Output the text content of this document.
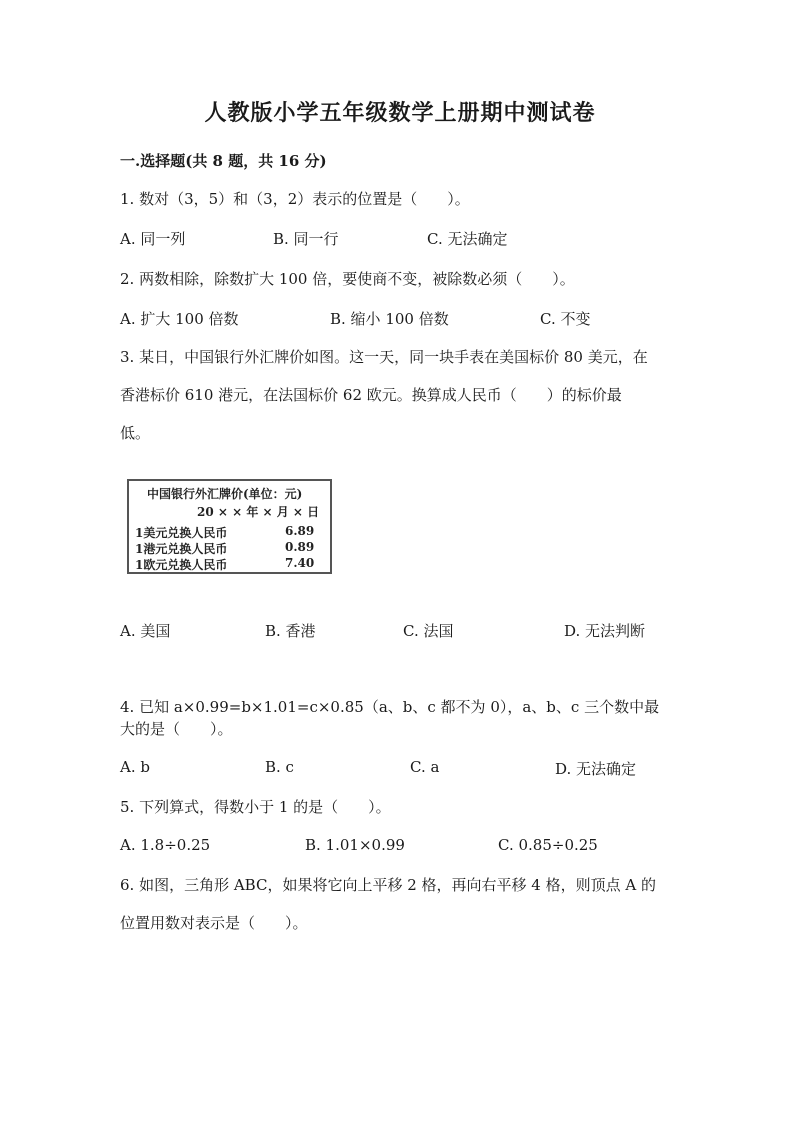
人教版小学五年级数学上册期中测试卷
一.选择题(共 8 题，共 16 分)
1. 数对（3，5）和（3，2）表示的位置是（　　）。
A. 同一列	B. 同一行	C. 无法确定
2. 两数相除，除数扩大 100 倍，要使商不变，被除数必须（　　）。
A. 扩大 100 倍数	B. 缩小 100 倍数	C. 不变
3. 某日，中国银行外汇牌价如图。这一天，同一块手表在美国标价 80 美元，在
香港标价 610 港元，在法国标价 62 欧元。换算成人民币（　　）的标价最
低。
中国银行外汇牌价(单位：元)
20 × × 年 × 月 × 日
1美元兑换人民币	6.89
1港元兑换人民币	0.89
1欧元兑换人民币	7.40
A. 美国	B. 香港	C. 法国	D. 无法判断
4. 已知 a×0.99=b×1.01=c×0.85（a、b、c 都不为 0），a、b、c 三个数中最
大的是（　　）。
A. b	B. c	C. a	D. 无法确定
5. 下列算式，得数小于 1 的是（　　）。
A. 1.8÷0.25	B. 1.01×0.99	C. 0.85÷0.25
6. 如图，三角形 ABC，如果将它向上平移 2 格，再向右平移 4 格，则顶点 A 的
位置用数对表示是（　　）。
